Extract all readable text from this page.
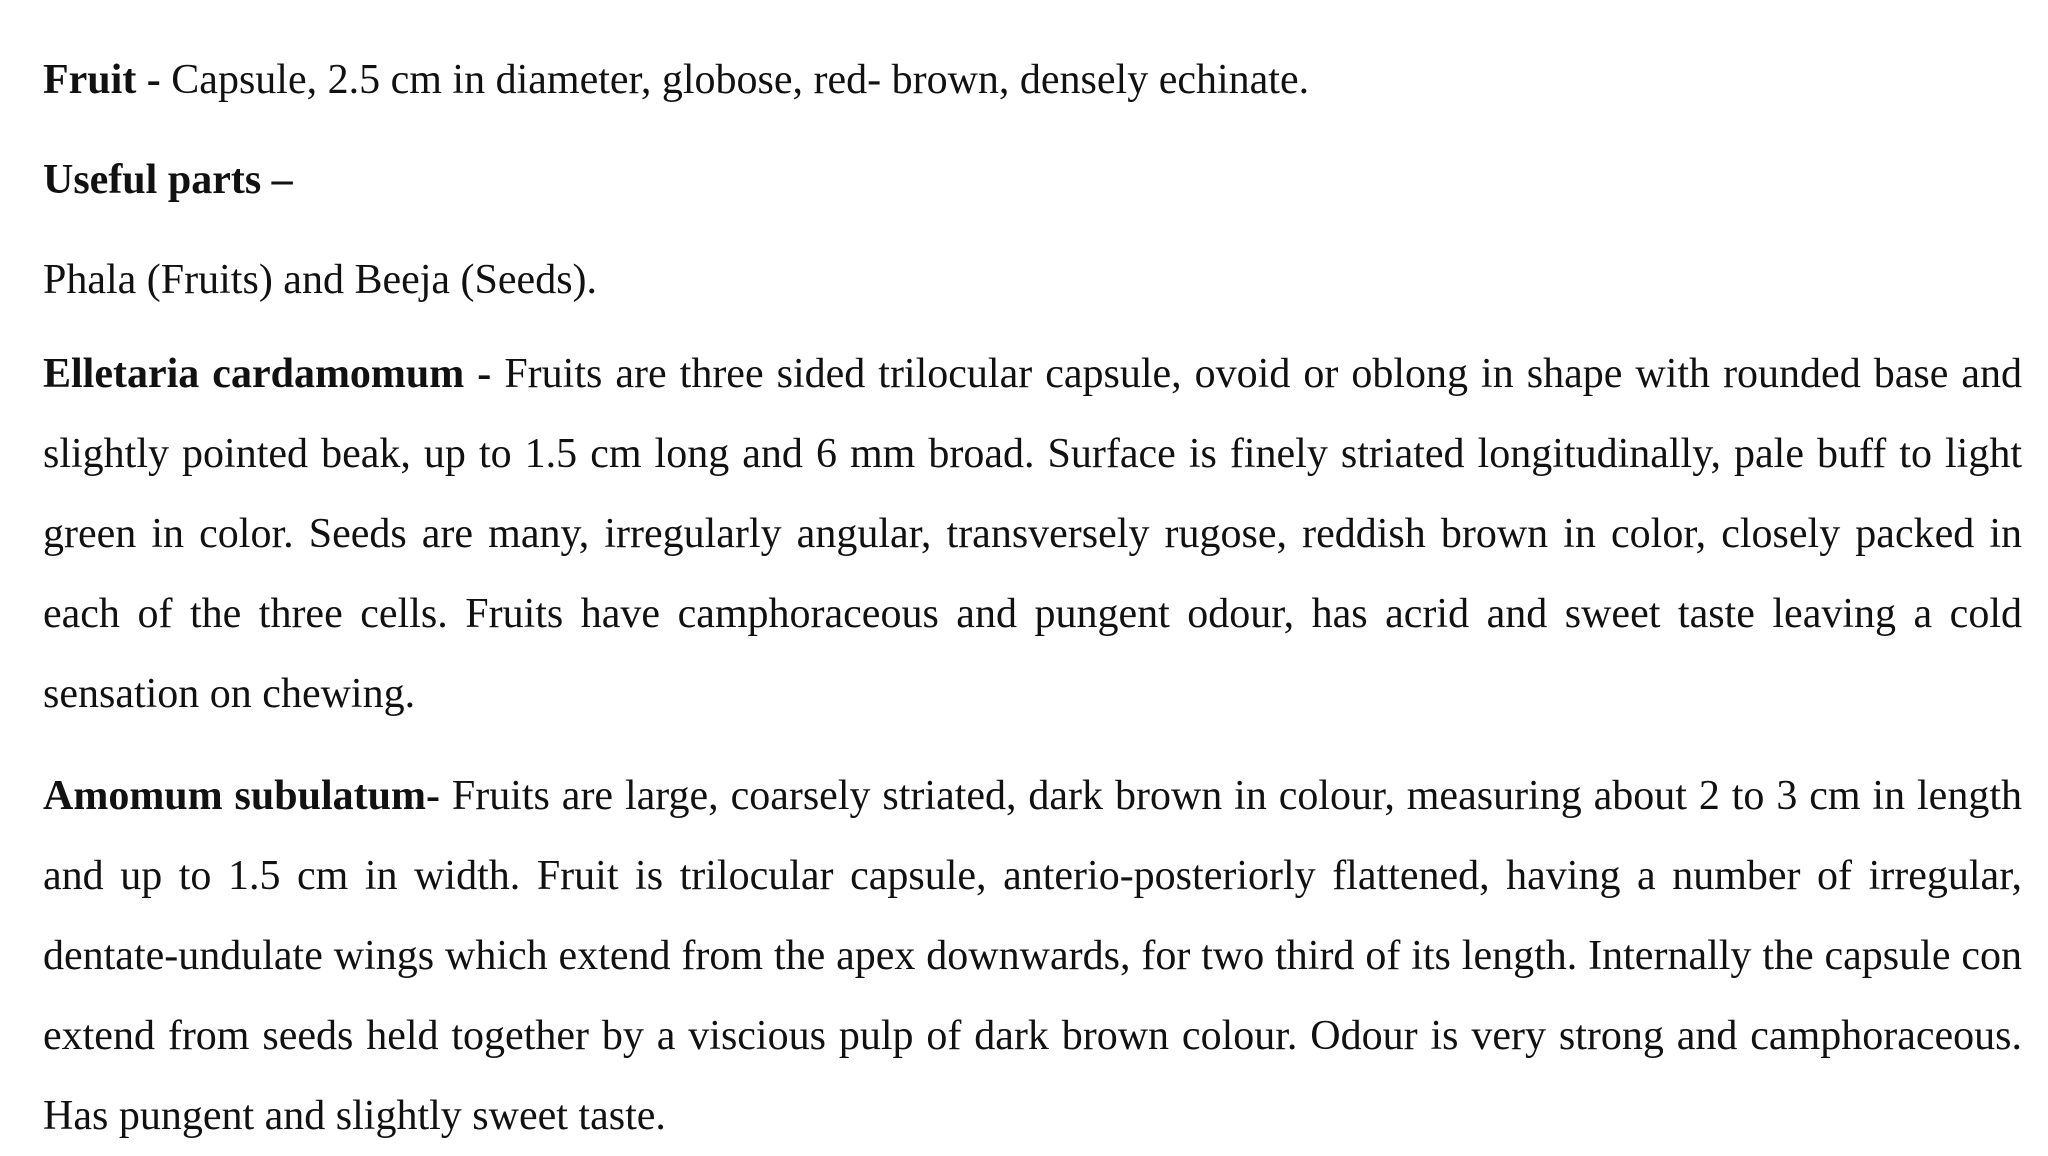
Fruit - Capsule, 2.5 cm in diameter, globose, red- brown, densely echinate.

Useful parts –

Phala (Fruits) and Beeja (Seeds).

Elletaria cardamomum - Fruits are three sided trilocular capsule, ovoid or oblong in shape with rounded base and slightly pointed beak, up to 1.5 cm long and 6 mm broad. Surface is finely striated longitudinally, pale buff to light green in color. Seeds are many, irregularly angular, transversely rugose, reddish brown in color, closely packed in each of the three cells. Fruits have camphoraceous and pungent odour, has acrid and sweet taste leaving a cold sensation on chewing.

Amomum subulatum- Fruits are large, coarsely striated, dark brown in colour, measuring about 2 to 3 cm in length and up to 1.5 cm in width. Fruit is trilocular capsule, anterio-posteriorly flattened, having a number of irregular, dentate-undulate wings which extend from the apex downwards, for two third of its length. Internally the capsule con extend from seeds held together by a viscious pulp of dark brown colour. Odour is very strong and camphoraceous. Has pungent and slightly sweet taste.
